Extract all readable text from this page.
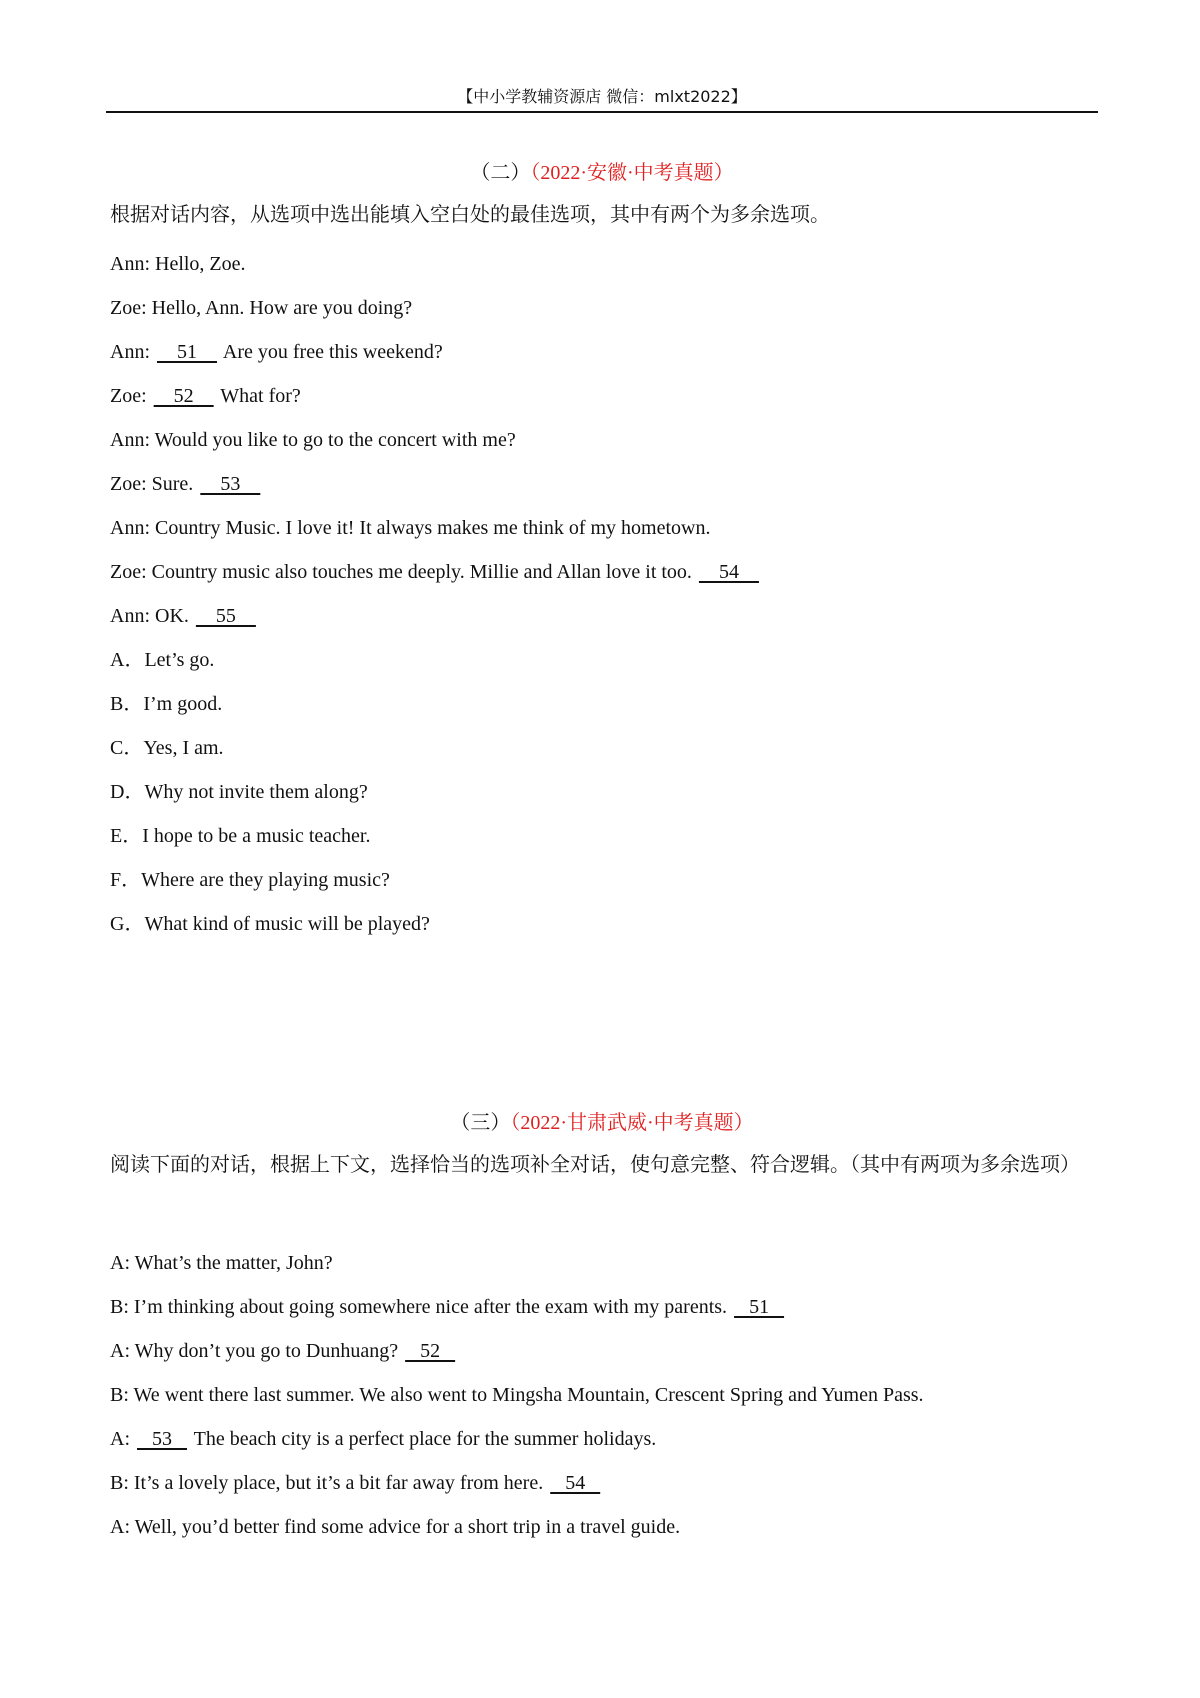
【中小学教辅资源店 微信：mlxt2022】
（二）（2022·安徽·中考真题）
根据对话内容，从选项中选出能填入空白处的最佳选项，其中有两个为多余选项。
Ann: Hello, Zoe.
Zoe: Hello, Ann. How are you doing?
Ann:     51     Are you free this weekend?
Zoe:     52     What for?
Ann: Would you like to go to the concert with me?
Zoe: Sure.     53
Ann: Country Music. I love it! It always makes me think of my hometown.
Zoe: Country music also touches me deeply. Millie and Allan love it too.     54
Ann: OK.     55
A．Let’s go.
B．I’m good.
C．Yes, I am.
D．Why not invite them along?
E．I hope to be a music teacher.
F．Where are they playing music?
G．What kind of music will be played?
（三）（2022·甘肃武威·中考真题）
阅读下面的对话，根据上下文，选择恰当的选项补全对话，使句意完整、符合逻辑。（其中有两项为多余选项）
A: What’s the matter, John?
B: I’m thinking about going somewhere nice after the exam with my parents.    51
A: Why don’t you go to Dunhuang?    52
B: We went there last summer. We also went to Mingsha Mountain, Crescent Spring and Yumen Pass.
A:    53    The beach city is a perfect place for the summer holidays.
B: It’s a lovely place, but it’s a bit far away from here.    54
A: Well, you’d better find some advice for a short trip in a travel guide.
